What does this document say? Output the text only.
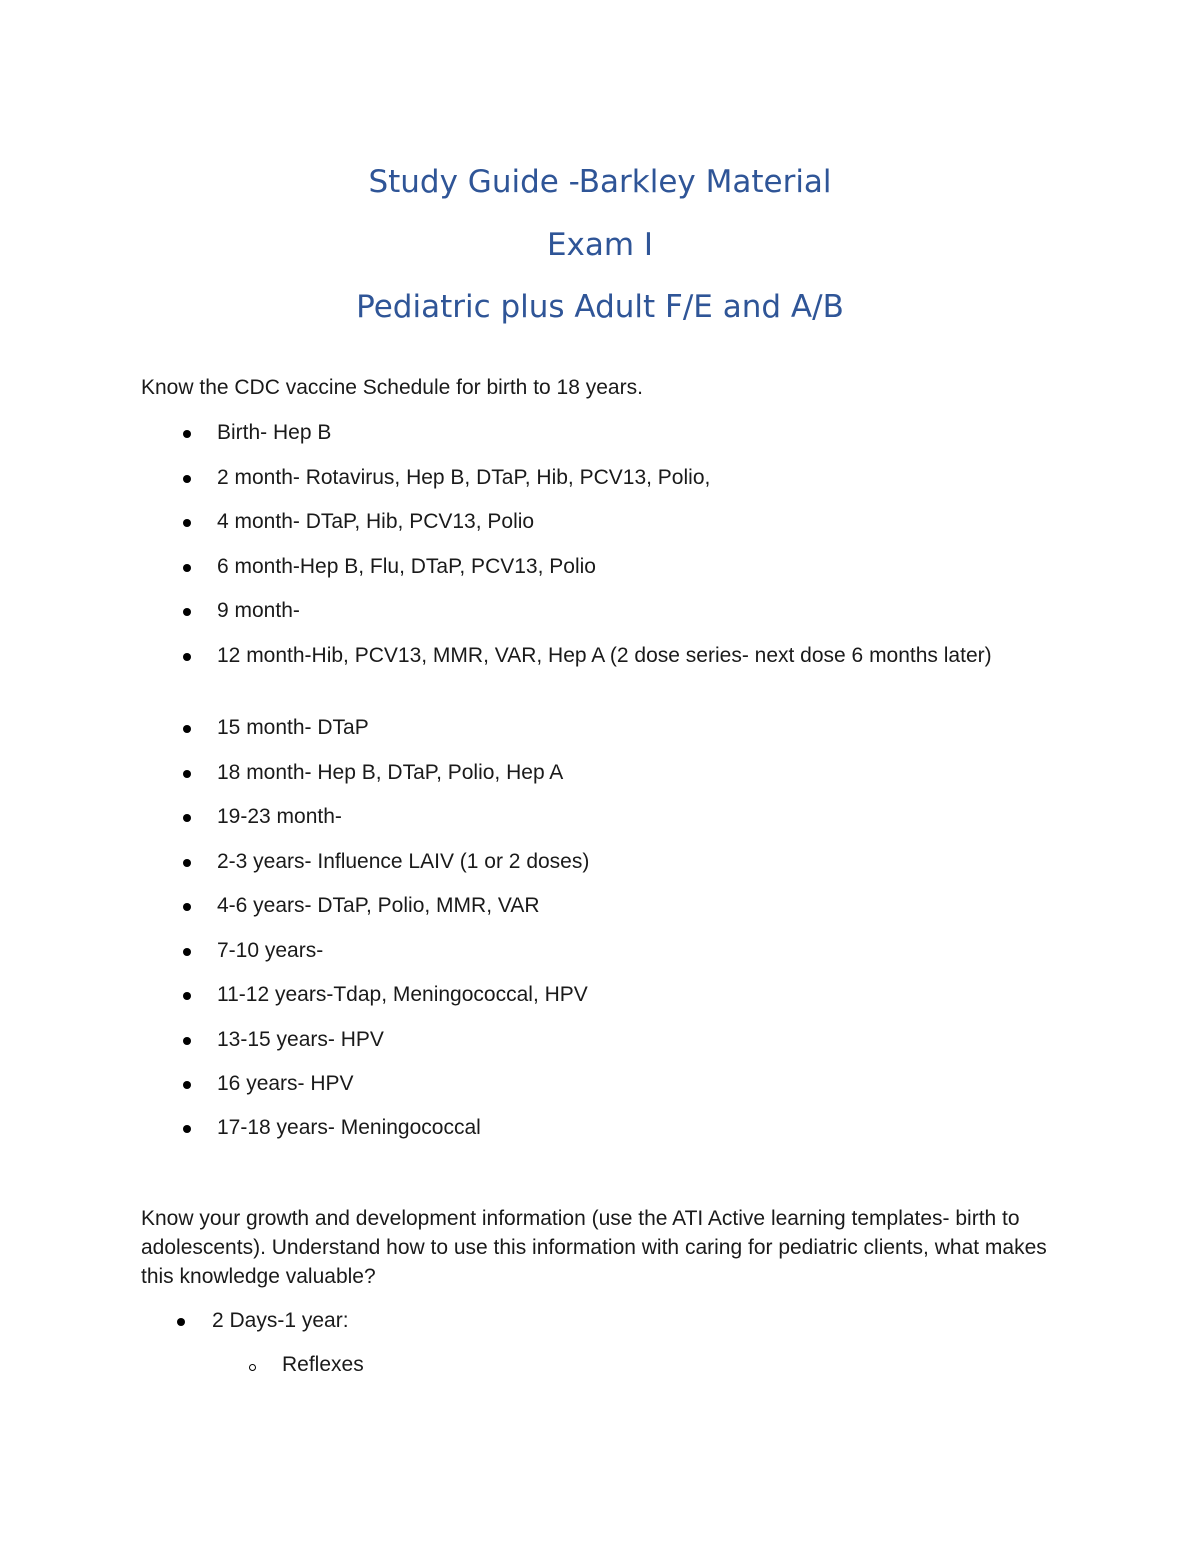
Study Guide -Barkley Material
Exam I
Pediatric plus Adult F/E and A/B

Know the CDC vaccine Schedule for birth to 18 years.

Birth- Hep B
2 month- Rotavirus, Hep B, DTaP, Hib, PCV13, Polio,
4 month- DTaP, Hib, PCV13, Polio
6 month-Hep B, Flu, DTaP, PCV13, Polio
9 month-
12 month-Hib, PCV13, MMR, VAR, Hep A (2 dose series- next dose 6 months later)
15 month- DTaP
18 month- Hep B, DTaP, Polio, Hep A
19-23 month-
2-3 years- Influence LAIV (1 or 2 doses)
4-6 years- DTaP, Polio, MMR, VAR
7-10 years-
11-12 years-Tdap, Meningococcal, HPV
13-15 years- HPV
16 years- HPV
17-18 years- Meningococcal

Know your growth and development information (use the ATI Active learning templates- birth to adolescents). Understand how to use this information with caring for pediatric clients, what makes this knowledge valuable?

2 Days-1 year:
Reflexes
